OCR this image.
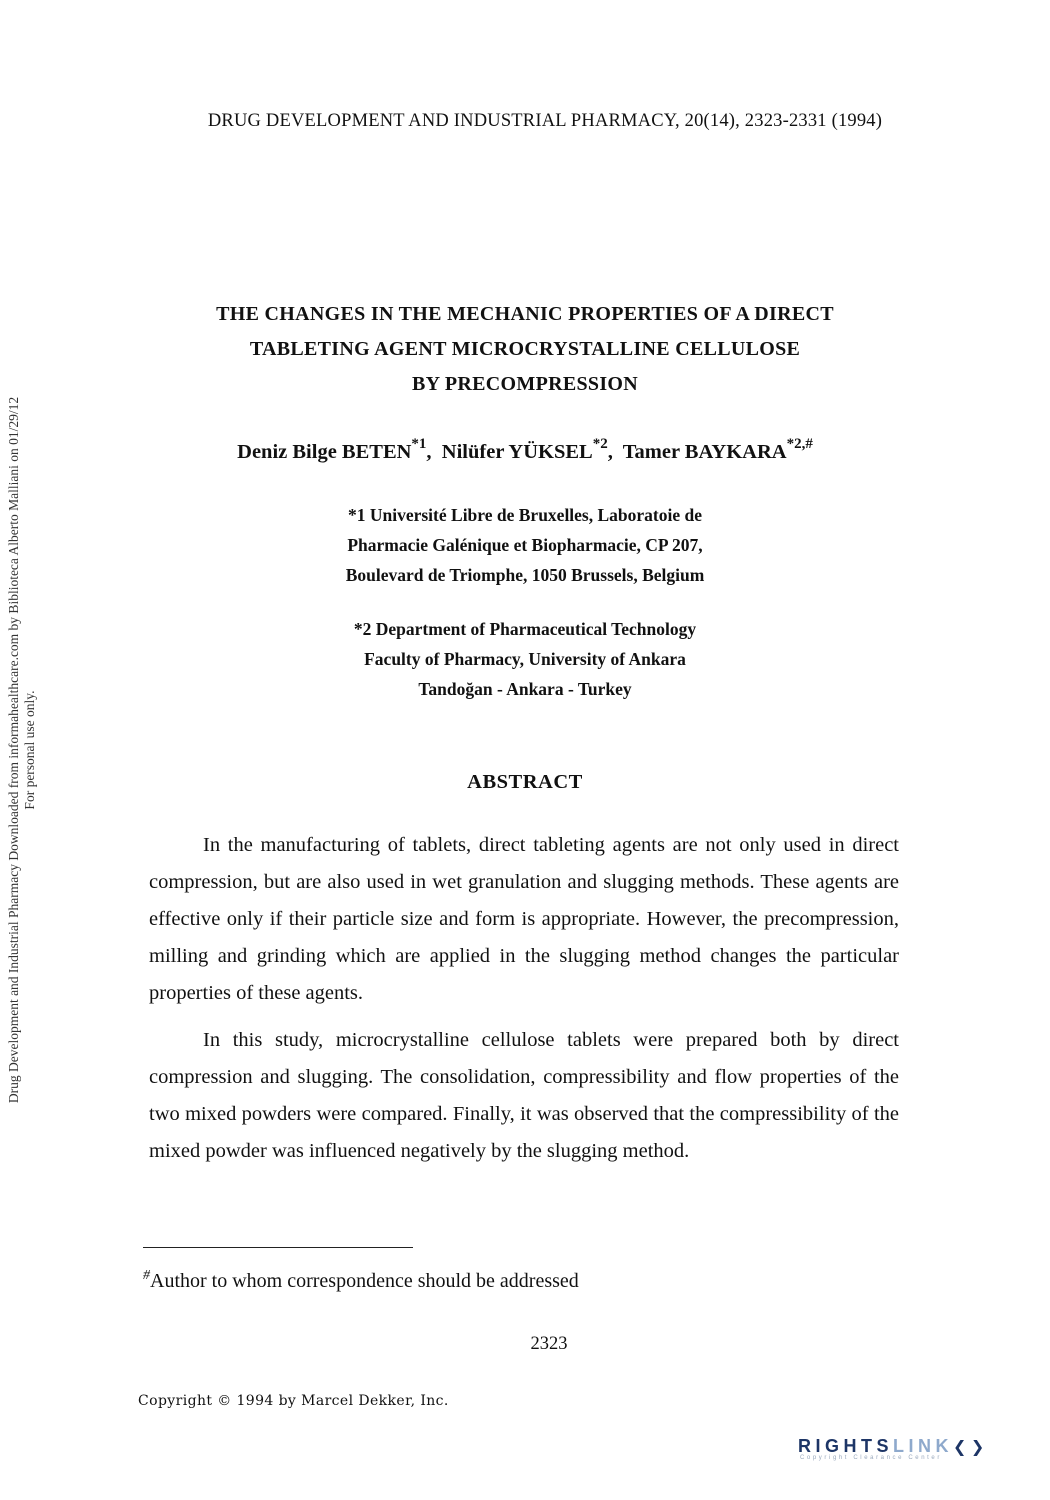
DRUG DEVELOPMENT AND INDUSTRIAL PHARMACY, 20(14), 2323-2331 (1994)
Drug Development and Industrial Pharmacy Downloaded from informahealthcare.com by Biblioteca Alberto Malliani on 01/29/12 For personal use only.
THE CHANGES IN THE MECHANIC PROPERTIES OF A DIRECT
TABLETING AGENT MICROCRYSTALLINE CELLULOSE
BY PRECOMPRESSION
Deniz Bilge BETEN$^{*1}$,  Nilüfer YÜKSEL$^{*2}$,  Tamer $BAYKARA^{*2,\#}$
*1 Université Libre de Bruxelles, Laboratoie de
Pharmacie Galénique et Biopharmacie, CP 207,
Boulevard de Triomphe, 1050 Brussels, Belgium
*2 Department of Pharmaceutical Technology
Faculty of Pharmacy, University of Ankara
Tandoğan - Ankara - Turkey
ABSTRACT

In the manufacturing of tablets, direct tableting agents are not only used in direct compression, but are also used in wet granulation and slugging methods. These agents are effective only if their particle size and form is appropriate. However, the precompression, milling and grinding which are applied in the slugging method changes the particular properties of these agents.

In this study, microcrystalline cellulose tablets were prepared both by direct compression and slugging. The consolidation, compressibility and flow properties of the two mixed powders were compared. Finally, it was observed that the compressibility of the mixed powder was influenced negatively by the slugging method.

#Author to whom correspondence should be addressed
2323
Copyright © 1994 by Marcel Dekker, Inc.
RIGHTSLINK❮❯
Copyright Clearance Center
